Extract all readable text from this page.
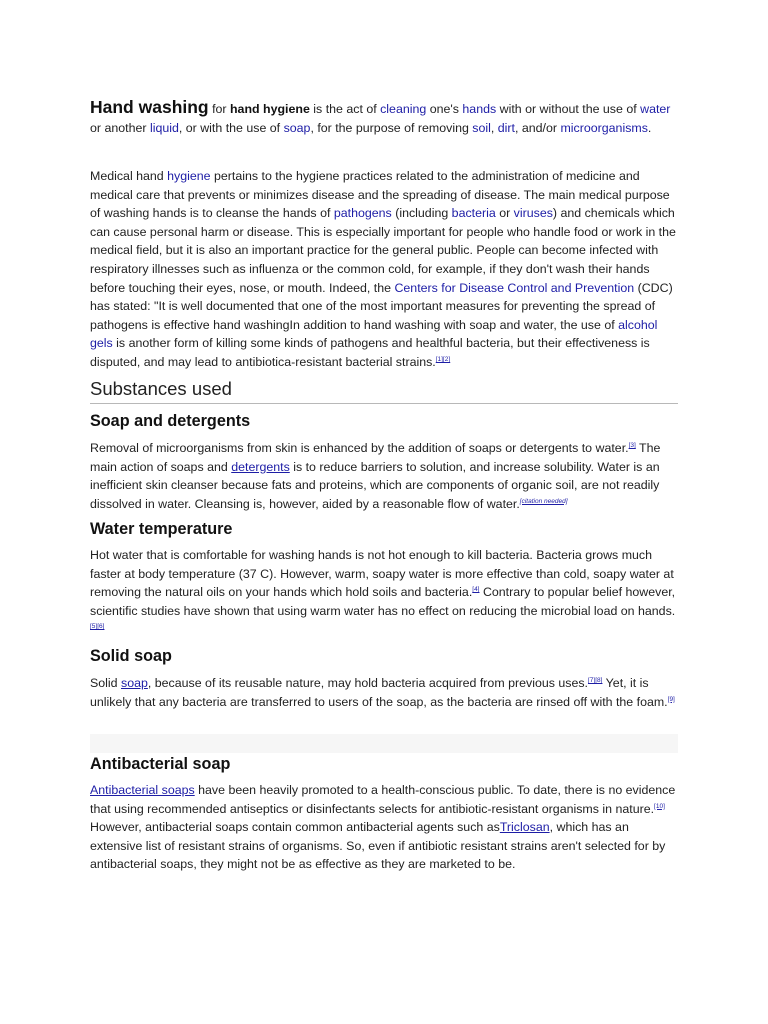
Hand washing for hand hygiene is the act of cleaning one's hands with or without the use of water or another liquid, or with the use of soap, for the purpose of removing soil, dirt, and/or microorganisms.

Medical hand hygiene pertains to the hygiene practices related to the administration of medicine and medical care that prevents or minimizes disease and the spreading of disease. The main medical purpose of washing hands is to cleanse the hands of pathogens (including bacteria or viruses) and chemicals which can cause personal harm or disease. This is especially important for people who handle food or work in the medical field, but it is also an important practice for the general public. People can become infected with respiratory illnesses such as influenza or the common cold, for example, if they don't wash their hands before touching their eyes, nose, or mouth. Indeed, the Centers for Disease Control and Prevention (CDC) has stated: "It is well documented that one of the most important measures for preventing the spread of pathogens is effective hand washingIn addition to hand washing with soap and water, the use of alcohol gels is another form of killing some kinds of pathogens and healthful bacteria, but their effectiveness is disputed, and may lead to antibiotica-resistant bacterial strains.[1][2]

Substances used
Soap and detergents

Removal of microorganisms from skin is enhanced by the addition of soaps or detergents to water.[3] The main action of soaps and detergents is to reduce barriers to solution, and increase solubility. Water is an inefficient skin cleanser because fats and proteins, which are components of organic soil, are not readily dissolved in water. Cleansing is, however, aided by a reasonable flow of water.[citation needed]

Water temperature

Hot water that is comfortable for washing hands is not hot enough to kill bacteria. Bacteria grows much faster at body temperature (37 C). However, warm, soapy water is more effective than cold, soapy water at removing the natural oils on your hands which hold soils and bacteria.[4] Contrary to popular belief however, scientific studies have shown that using warm water has no effect on reducing the microbial load on hands.[5][6]

Solid soap

Solid soap, because of its reusable nature, may hold bacteria acquired from previous uses.[7][8] Yet, it is unlikely that any bacteria are transferred to users of the soap, as the bacteria are rinsed off with the foam.[9]

Antibacterial soap

Antibacterial soaps have been heavily promoted to a health-conscious public. To date, there is no evidence that using recommended antiseptics or disinfectants selects for antibiotic-resistant organisms in nature.[10] However, antibacterial soaps contain common antibacterial agents such asTriclosan, which has an extensive list of resistant strains of organisms. So, even if antibiotic resistant strains aren't selected for by antibacterial soaps, they might not be as effective as they are marketed to be.
